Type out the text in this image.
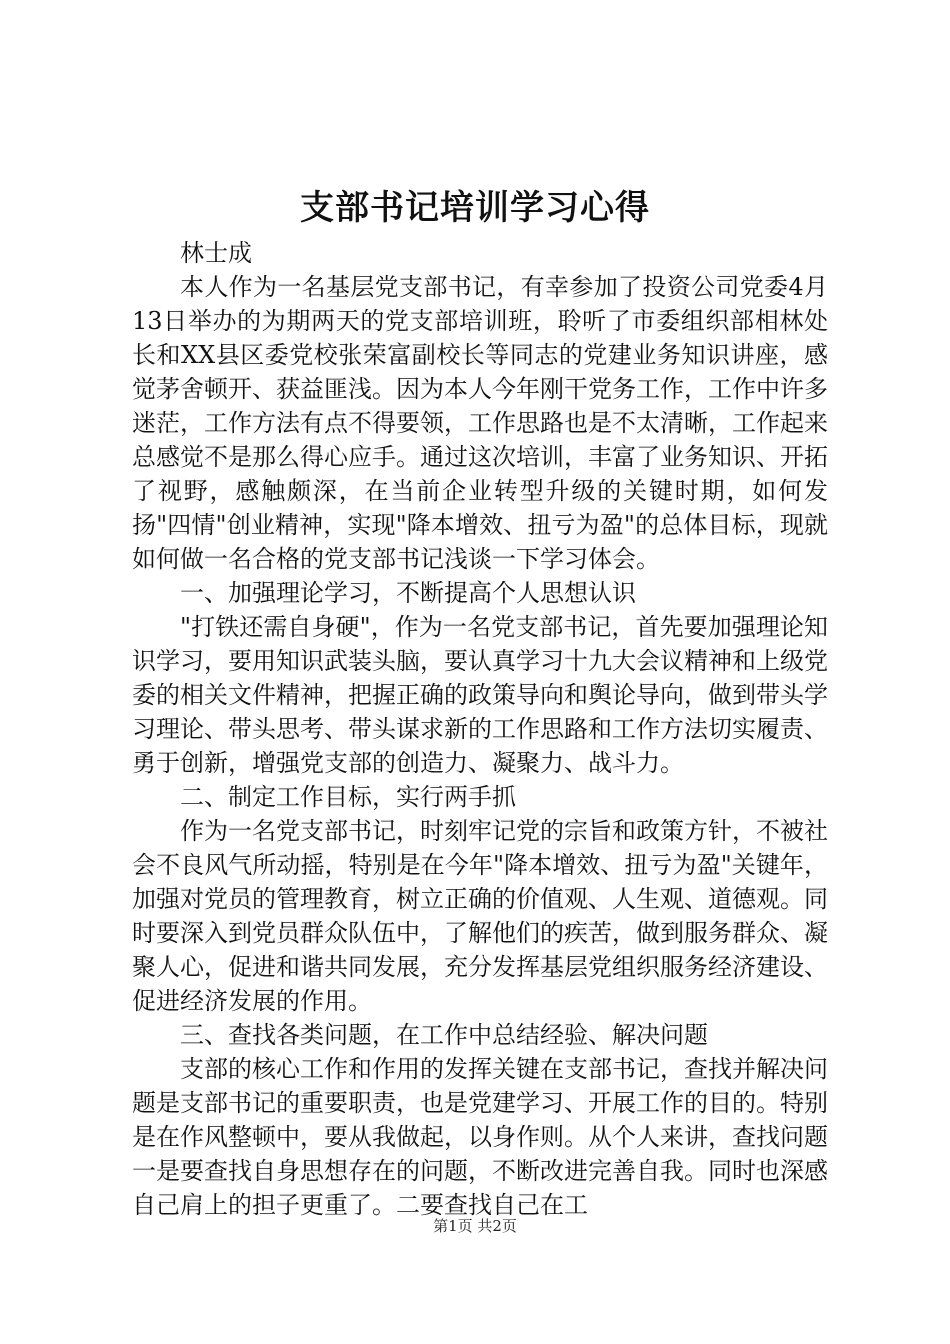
支部书记培训学习心得

林士成

本人作为一名基层党支部书记，有幸参加了投资公司党委4月13日举办的为期两天的党支部培训班，聆听了市委组织部相林处长和XX县区委党校张荣富副校长等同志的党建业务知识讲座，感觉茅舍顿开、获益匪浅。因为本人今年刚干党务工作，工作中许多迷茫，工作方法有点不得要领，工作思路也是不太清晰，工作起来总感觉不是那么得心应手。通过这次培训，丰富了业务知识、开拓了视野，感触颇深，在当前企业转型升级的关键时期，如何发扬"四情"创业精神，实现"降本增效、扭亏为盈"的总体目标，现就如何做一名合格的党支部书记浅谈一下学习体会。

一、加强理论学习，不断提高个人思想认识

"打铁还需自身硬"，作为一名党支部书记，首先要加强理论知识学习，要用知识武装头脑，要认真学习十九大会议精神和上级党委的相关文件精神，把握正确的政策导向和舆论导向，做到带头学习理论、带头思考、带头谋求新的工作思路和工作方法切实履责、勇于创新，增强党支部的创造力、凝聚力、战斗力。

二、制定工作目标，实行两手抓

作为一名党支部书记，时刻牢记党的宗旨和政策方针，不被社会不良风气所动摇，特别是在今年"降本增效、扭亏为盈"关键年，加强对党员的管理教育，树立正确的价值观、人生观、道德观。同时要深入到党员群众队伍中，了解他们的疾苦，做到服务群众、凝聚人心，促进和谐共同发展，充分发挥基层党组织服务经济建设、促进经济发展的作用。

三、查找各类问题，在工作中总结经验、解决问题

支部的核心工作和作用的发挥关键在支部书记，查找并解决问题是支部书记的重要职责，也是党建学习、开展工作的目的。特别是在作风整顿中，要从我做起，以身作则。从个人来讲，查找问题一是要查找自身思想存在的问题，不断改进完善自我。同时也深感自己肩上的担子更重了。二要查找自己在工

第1页 共2页
